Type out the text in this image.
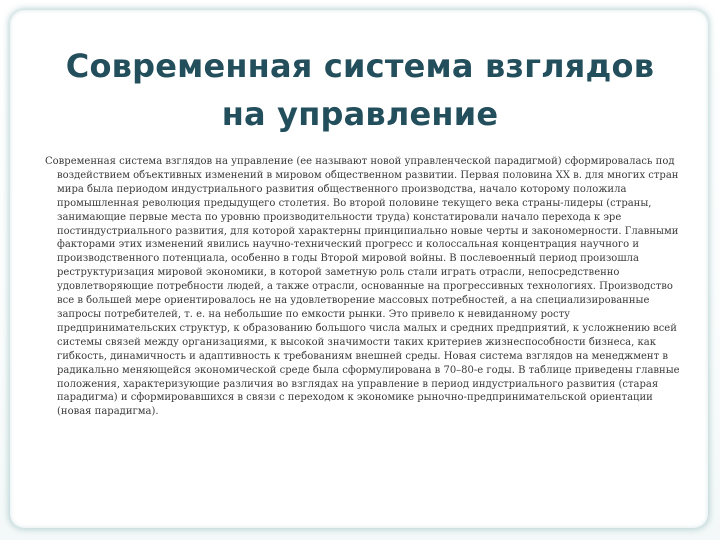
Современная система взглядов на управление

Современная система взглядов на управление (ее называют новой управленческой парадигмой) сформировалась под воздействием объективных изменений в мировом общественном развитии. Первая половина XX в. для многих стран мира была периодом индустриального развития общественного производства, начало которому положила промышленная революция предыдущего столетия. Во второй половине текущего века страны-лидеры (страны, занимающие первые места по уровню производительности труда) констатировали начало перехода к эре постиндустриального развития, для которой характерны принципиально новые черты и закономерности. Главными факторами этих изменений явились научно-технический прогресс и колоссальная концентрация научного и производственного потенциала, особенно в годы Второй мировой войны. В послевоенный период произошла реструктуризация мировой экономики, в которой заметную роль стали играть отрасли, непосредственно удовлетворяющие потребности людей, а также отрасли, основанные на прогрессивных технологиях. Производство все в большей мере ориентировалось не на удовлетворение массовых потребностей, а на специализированные запросы потребителей, т. е. на небольшие по емкости рынки. Это привело к невиданному росту предпринимательских структур, к образованию большого числа малых и средних предприятий, к усложнению всей системы связей между организациями, к высокой значимости таких критериев жизнеспособности бизнеса, как гибкость, динамичность и адаптивность к требованиям внешней среды. Новая система взглядов на менеджмент в радикально меняющейся экономической среде была сформулирована в 70–80-е годы. В таблице приведены главные положения, характеризующие различия во взглядах на управление в период индустриального развития (старая парадигма) и сформировавшихся в связи с переходом к экономике рыночно-предпринимательской ориентации (новая парадигма).
